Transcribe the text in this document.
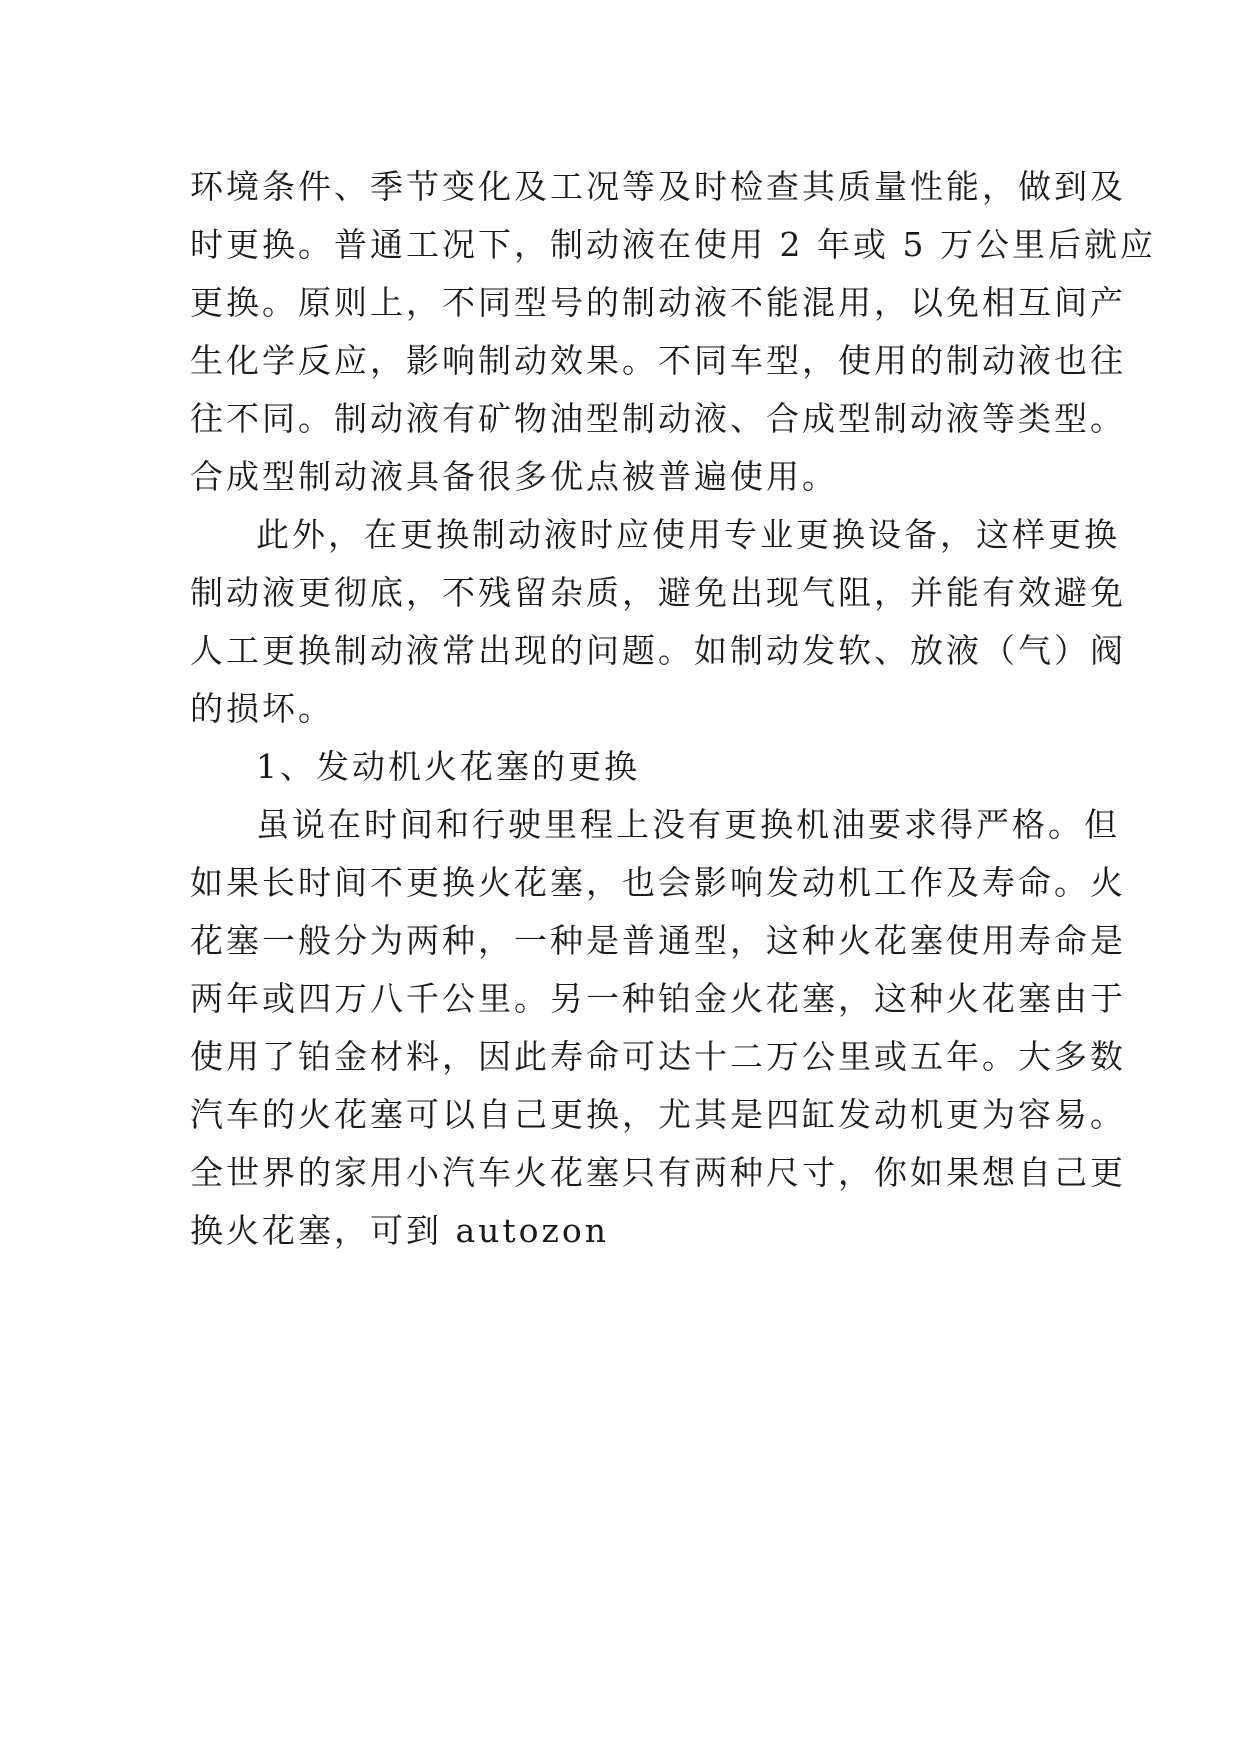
环境条件、季节变化及工况等及时检查其质量性能，做到及
时更换。普通工况下，制动液在使用 2 年或 5 万公里后就应
更换。原则上，不同型号的制动液不能混用，以免相互间产
生化学反应，影响制动效果。不同车型，使用的制动液也往
往不同。制动液有矿物油型制动液、合成型制动液等类型。
合成型制动液具备很多优点被普遍使用。
此外，在更换制动液时应使用专业更换设备，这样更换
制动液更彻底，不残留杂质，避免出现气阻，并能有效避免
人工更换制动液常出现的问题。如制动发软、放液（气）阀
的损坏。
1、发动机火花塞的更换
虽说在时间和行驶里程上没有更换机油要求得严格。但
如果长时间不更换火花塞，也会影响发动机工作及寿命。火
花塞一般分为两种，一种是普通型，这种火花塞使用寿命是
两年或四万八千公里。另一种铂金火花塞，这种火花塞由于
使用了铂金材料，因此寿命可达十二万公里或五年。大多数
汽车的火花塞可以自己更换，尤其是四缸发动机更为容易。
全世界的家用小汽车火花塞只有两种尺寸，你如果想自己更
换火花塞，可到 autozon
